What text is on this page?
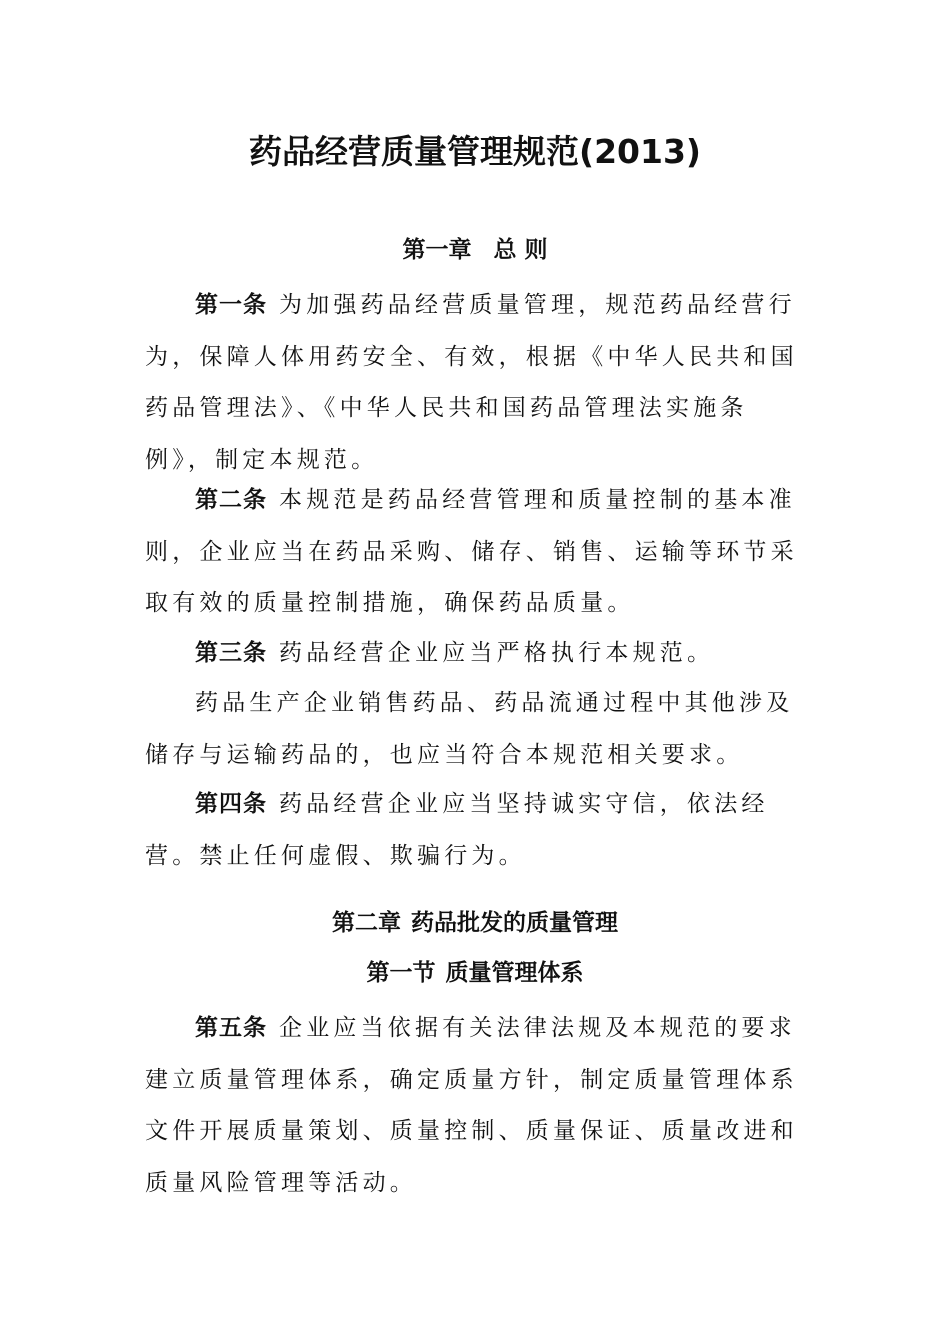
药品经营质量管理规范(2013)
第一章 总 则

第一条 为加强药品经营质量管理，规范药品经营行为，保障人体用药安全、有效，根据《中华人民共和国药品管理法》、《中华人民共和国药品管理法实施条例》，制定本规范。

第二条 本规范是药品经营管理和质量控制的基本准则，企业应当在药品采购、储存、销售、运输等环节采取有效的质量控制措施，确保药品质量。

第三条 药品经营企业应当严格执行本规范。

药品生产企业销售药品、药品流通过程中其他涉及储存与运输药品的，也应当符合本规范相关要求。

第四条 药品经营企业应当坚持诚实守信，依法经营。禁止任何虚假、欺骗行为。

第二章 药品批发的质量管理
第一节 质量管理体系

第五条 企业应当依据有关法律法规及本规范的要求建立质量管理体系，确定质量方针，制定质量管理体系文件开展质量策划、质量控制、质量保证、质量改进和质量风险管理等活动。
